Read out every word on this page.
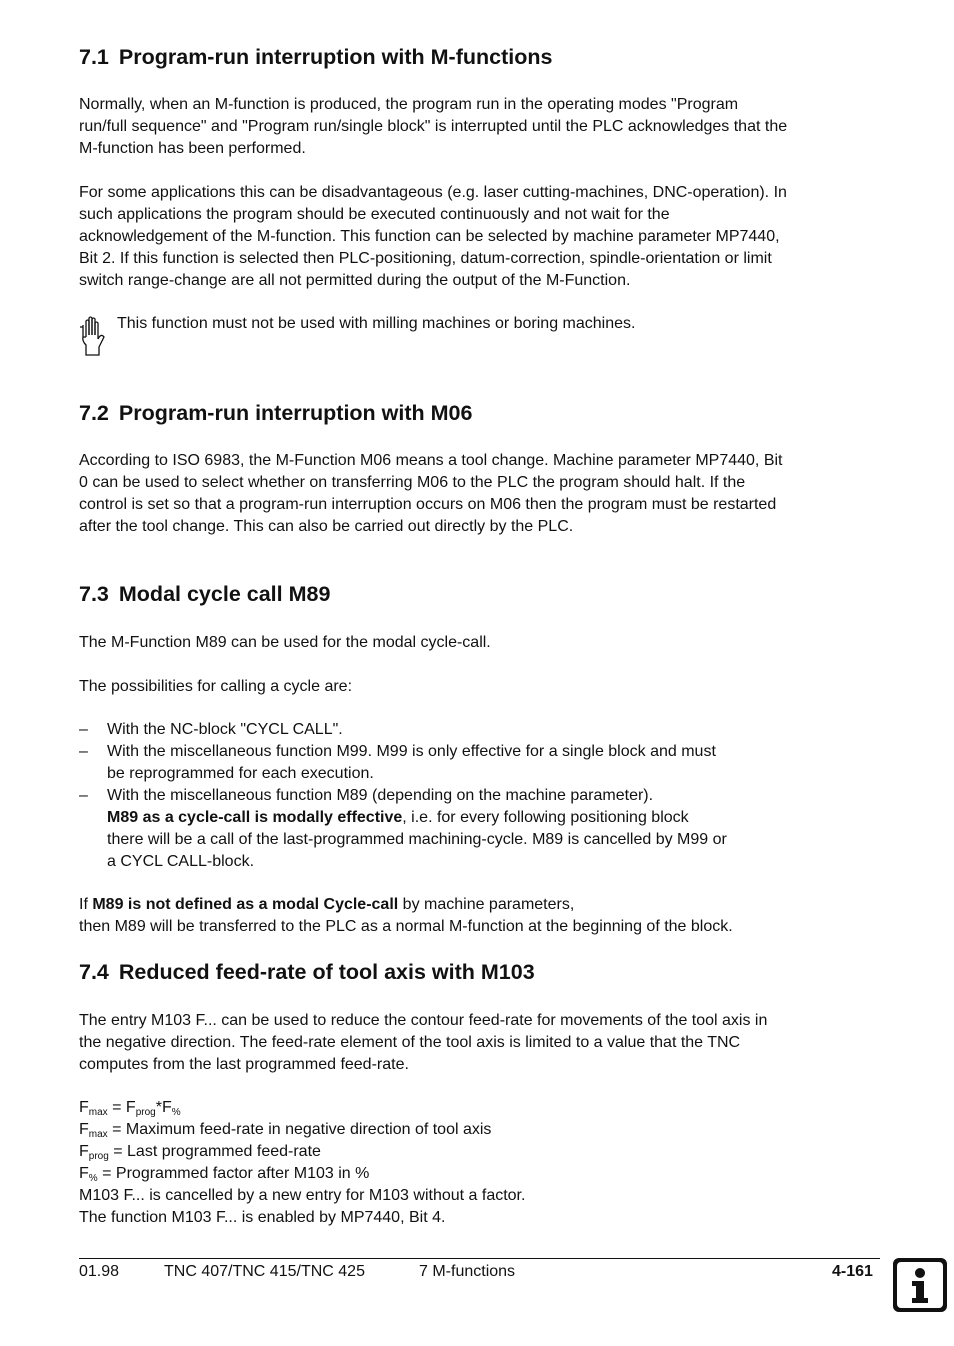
7.1 Program-run interruption with M-functions

Normally, when an M-function is produced, the program run in the operating modes "Program
run/full sequence" and "Program run/single block" is interrupted until the PLC acknowledges that the
M-function has been performed.

For some applications this can be disadvantageous (e.g. laser cutting-machines, DNC-operation). In
such applications the program should be executed continuously and not wait for the
acknowledgement of the M-function. This function can be selected by machine parameter MP7440,
Bit 2. If this function is selected then PLC-positioning, datum-correction, spindle-orientation or limit
switch range-change are all not permitted during the output of the M-Function.

This function must not be used with milling machines or boring machines.
7.2 Program-run interruption with M06

According to ISO 6983, the M-Function M06 means a tool change. Machine parameter MP7440, Bit
0 can be used to select whether on transferring M06 to the PLC the program should halt. If the
control is set so that a program-run interruption occurs on M06 then the program must be restarted
after the tool change. This can also be carried out directly by the PLC.

7.3 Modal cycle call M89

The M-Function M89 can be used for the modal cycle-call.

The possibilities for calling a cycle are:

–	With the NC-block "CYCL CALL".
–	With the miscellaneous function M99. M99 is only effective for a single block and must
be reprogrammed for each execution.
–	With the miscellaneous function M89 (depending on the machine parameter).
M89 as a cycle-call is modally effective, i.e. for every following positioning block
there will be a call of the last-programmed machining-cycle. M89 is cancelled by M99 or
a CYCL CALL-block.

If M89 is not defined as a modal Cycle-call by machine parameters,
then M89 will be transferred to the PLC as a normal M-function at the beginning of the block.

7.4 Reduced feed-rate of tool axis with M103

The entry M103 F... can be used to reduce the contour feed-rate for movements of the tool axis in
the negative direction. The feed-rate element of the tool axis is limited to a value that the TNC
computes from the last programmed feed-rate.

$F_{max} = F_{prog}*F_{\%}$
$F_{max}$ = Maximum feed-rate in negative direction of tool axis
$F_{prog}$ = Last programmed feed-rate
$F_{\%}$ = Programmed factor after M103 in %
M103 F... is cancelled by a new entry for M103 without a factor.
The function M103 F... is enabled by MP7440, Bit 4.

01.98	TNC 407/TNC 415/TNC 425	7 M-functions	4-161
